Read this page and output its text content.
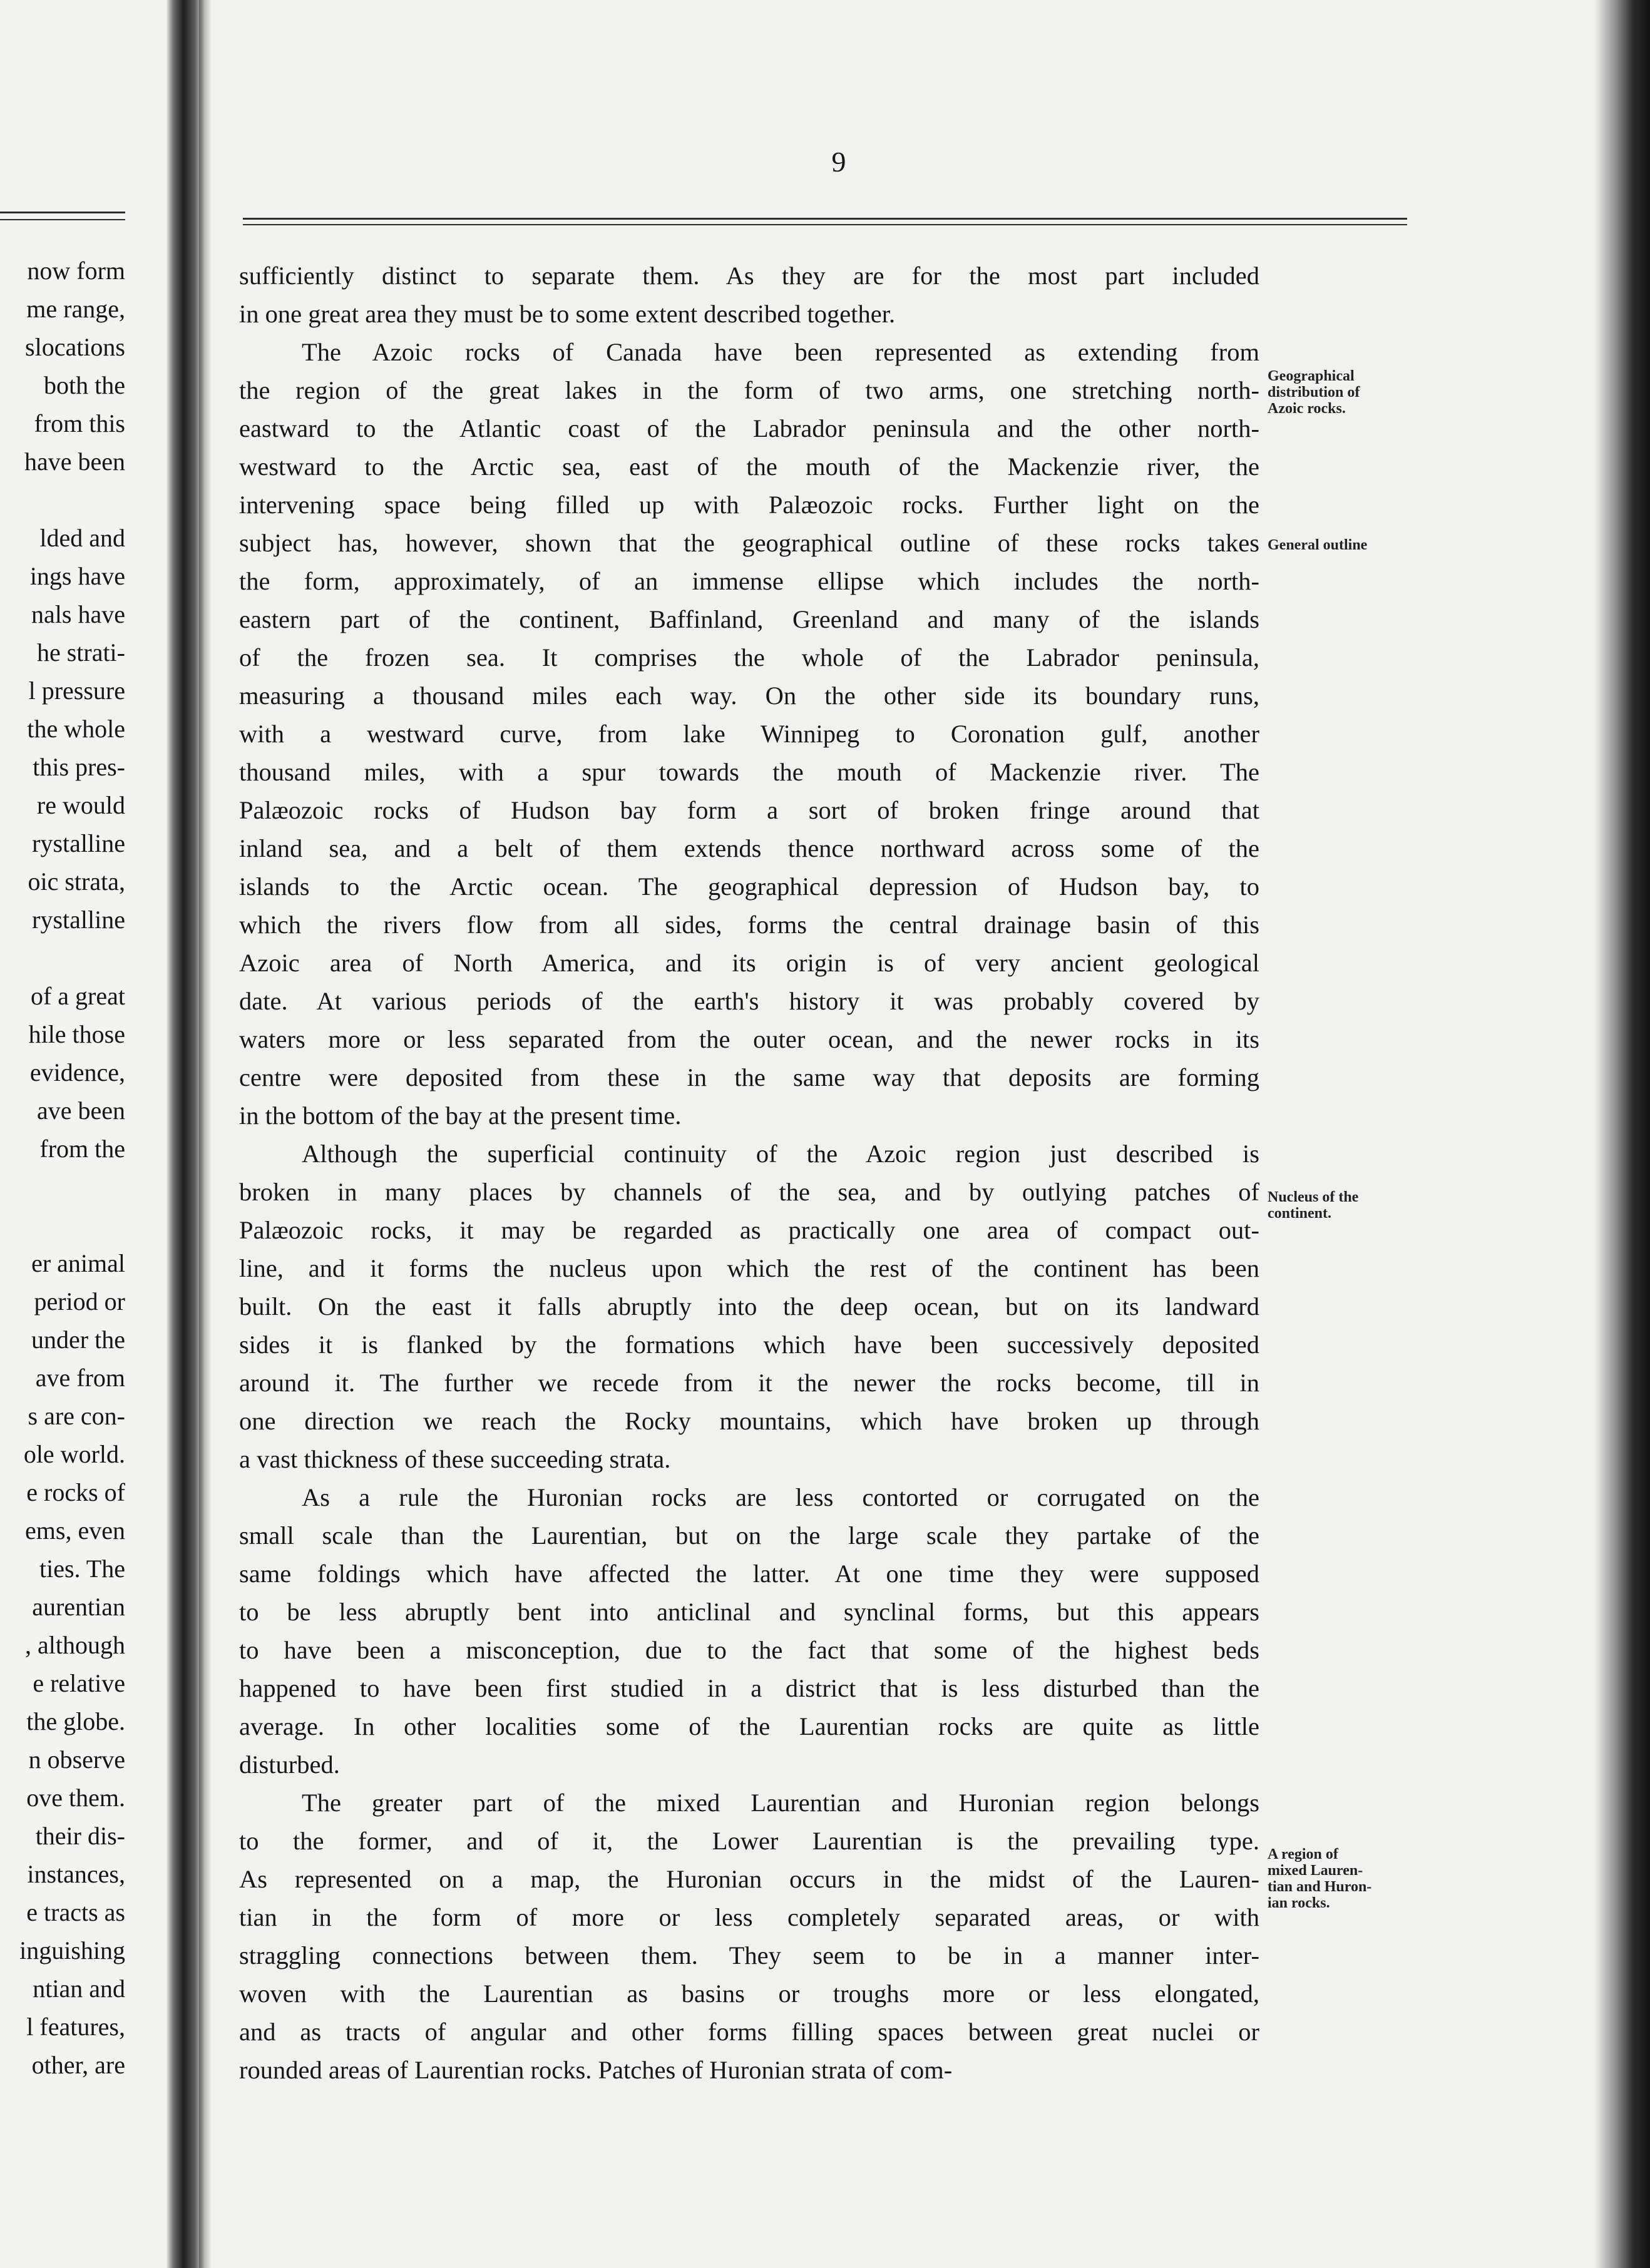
now form
me range,
slocations
both the
from this
have been
lded and
ings have
nals have
he strati-
l pressure
the whole
this pres-
re would
rystalline
oic strata,
rystalline
of a great
hile those
evidence,
ave been
from the
er animal
period or
under the
ave from
s are con-
ole world.
e rocks of
ems, even
ties. The
aurentian
, although
e relative
the globe.
n observe
ove them.
their dis-
instances,
e tracts as
inguishing
ntian and
l features,
other, are
9
sufficiently distinct to separate them. As they are for the most part included
in one great area they must be to some extent described together.
The Azoic rocks of Canada have been represented as extending from
the region of the great lakes in the form of two arms, one stretching north-
eastward to the Atlantic coast of the Labrador peninsula and the other north-
westward to the Arctic sea, east of the mouth of the Mackenzie river, the
intervening space being filled up with Palæozoic rocks. Further light on the
subject has, however, shown that the geographical outline of these rocks takes
the form, approximately, of an immense ellipse which includes the north-
eastern part of the continent, Baffinland, Greenland and many of the islands
of the frozen sea. It comprises the whole of the Labrador peninsula,
measuring a thousand miles each way. On the other side its boundary runs,
with a westward curve, from lake Winnipeg to Coronation gulf, another
thousand miles, with a spur towards the mouth of Mackenzie river. The
Palæozoic rocks of Hudson bay form a sort of broken fringe around that
inland sea, and a belt of them extends thence northward across some of the
islands to the Arctic ocean. The geographical depression of Hudson bay, to
which the rivers flow from all sides, forms the central drainage basin of this
Azoic area of North America, and its origin is of very ancient geological
date. At various periods of the earth's history it was probably covered by
waters more or less separated from the outer ocean, and the newer rocks in its
centre were deposited from these in the same way that deposits are forming
in the bottom of the bay at the present time.
Although the superficial continuity of the Azoic region just described is
broken in many places by channels of the sea, and by outlying patches of
Palæozoic rocks, it may be regarded as practically one area of compact out-
line, and it forms the nucleus upon which the rest of the continent has been
built. On the east it falls abruptly into the deep ocean, but on its landward
sides it is flanked by the formations which have been successively deposited
around it. The further we recede from it the newer the rocks become, till in
one direction we reach the Rocky mountains, which have broken up through
a vast thickness of these succeeding strata.
As a rule the Huronian rocks are less contorted or corrugated on the
small scale than the Laurentian, but on the large scale they partake of the
same foldings which have affected the latter. At one time they were supposed
to be less abruptly bent into anticlinal and synclinal forms, but this appears
to have been a misconception, due to the fact that some of the highest beds
happened to have been first studied in a district that is less disturbed than the
average. In other localities some of the Laurentian rocks are quite as little
disturbed.
The greater part of the mixed Laurentian and Huronian region belongs
to the former, and of it, the Lower Laurentian is the prevailing type.
As represented on a map, the Huronian occurs in the midst of the Lauren-
tian in the form of more or less completely separated areas, or with
straggling connections between them. They seem to be in a manner inter-
woven with the Laurentian as basins or troughs more or less elongated,
and as tracts of angular and other forms filling spaces between great nuclei or
rounded areas of Laurentian rocks. Patches of Huronian strata of com-
Geographical
distribution of
Azoic rocks.
General outline
Nucleus of the
continent.
A region of
mixed Lauren-
tian and Huron-
ian rocks.
